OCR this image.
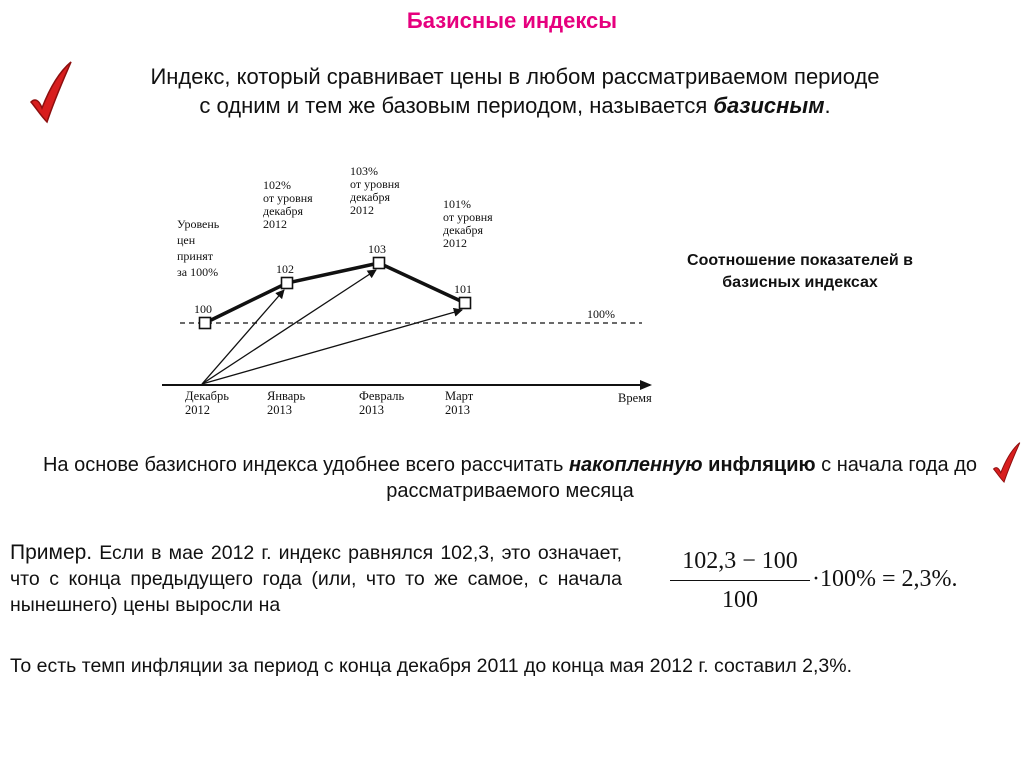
Базисные индексы
Индекс, который сравнивает цены в любом рассматриваемом периоде
с одним и тем же базовым периодом, называется базисным.
100
102
103
101
Декабрь 2012
Январь 2013
Февраль 2013
Март 2013
Время
100%
Уровень цен принят за 100%
102% от уровня декабря 2012
103% от уровня декабря 2012	101% от уровня декабря 2012
Соотношение показателей в базисных индексах
На основе базисного индекса удобнее всего рассчитать накопленную инфляцию с начала года до рассматриваемого месяца
Пример. Если в мае 2012 г. индекс равнялся 102,3, это означает, что с конца предыдущего года (или, что то же самое, с начала нынешнего) цены выросли на
102,3 − 100
100
·100% = 2,3%.
То есть темп инфляции за период с конца декабря 2011 до конца мая 2012 г. составил 2,3%.
